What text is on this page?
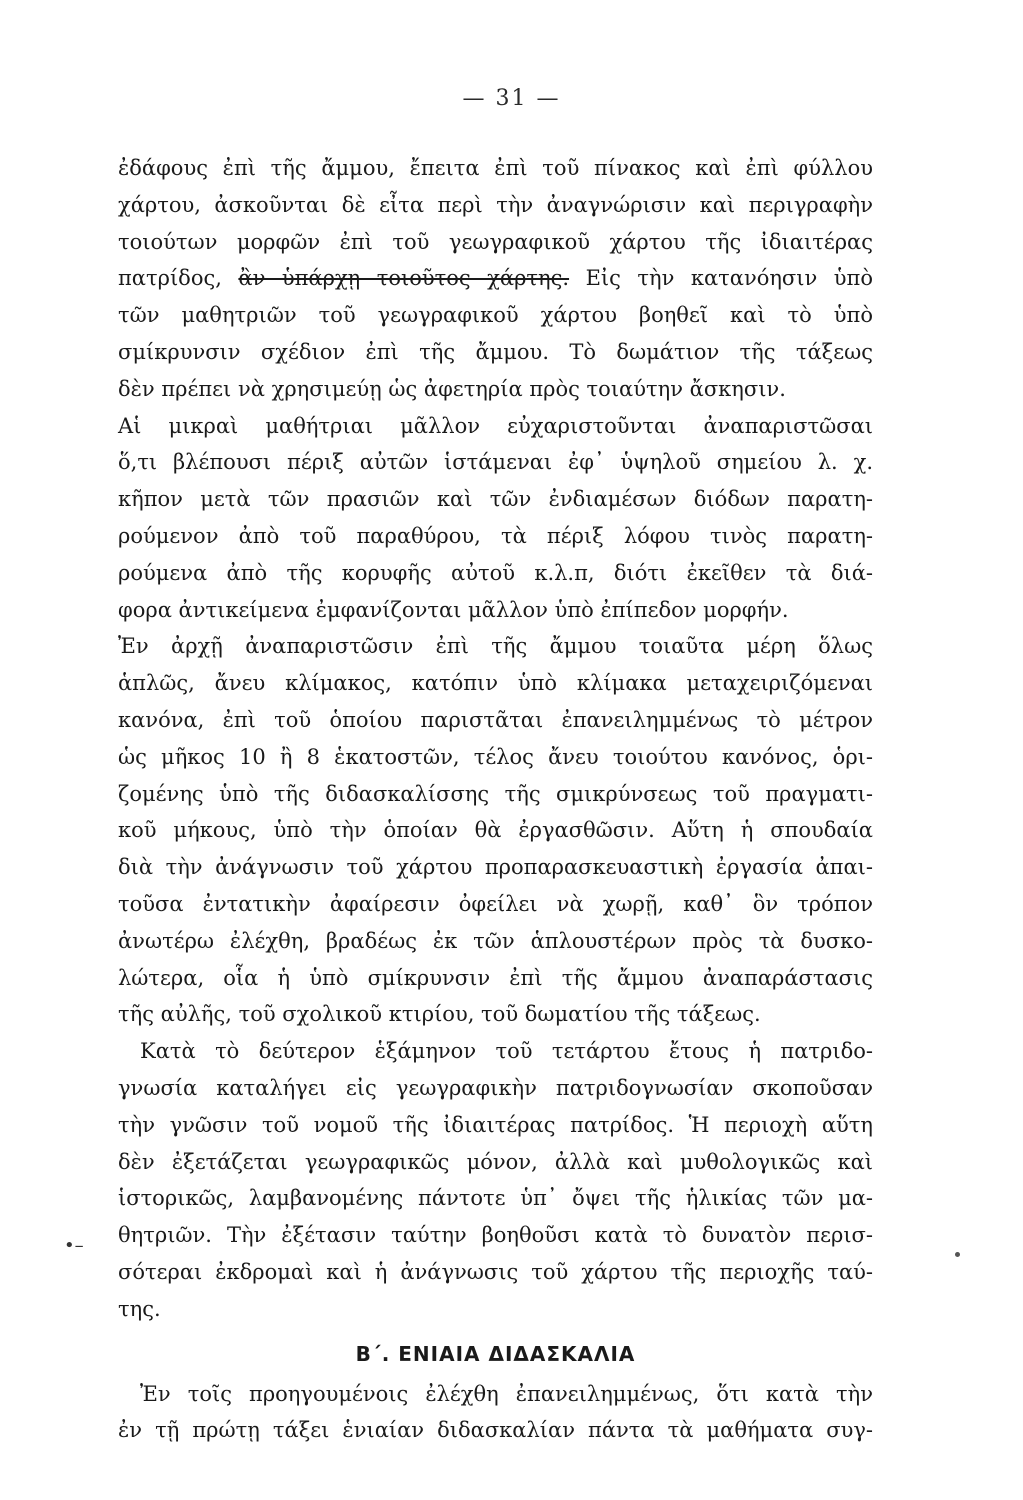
— 31 —
ἐδάφους ἐπὶ τῆς ἄμμου, ἔπειτα ἐπὶ τοῦ πίνακος καὶ ἐπὶ φύλλου
χάρτου, ἀσκοῦνται δὲ εἶτα περὶ τὴν ἀναγνώρισιν καὶ περιγραφὴν
τοιούτων μορφῶν ἐπὶ τοῦ γεωγραφικοῦ χάρτου τῆς ἰδιαιτέρας
πατρίδος, ἂν ὑπάρχῃ τοιοῦτος χάρτης. Εἰς τὴν κατανόησιν ὑπὸ
τῶν μαθητριῶν τοῦ γεωγραφικοῦ χάρτου βοηθεῖ καὶ τὸ ὑπὸ
σμίκρυνσιν σχέδιον ἐπὶ τῆς ἄμμου. Τὸ δωμάτιον τῆς τάξεως
δὲν πρέπει νὰ χρησιμεύῃ ὡς ἀφετηρία πρὸς τοιαύτην ἄσκησιν.
Αἱ μικραὶ μαθήτριαι μᾶλλον εὐχαριστοῦνται ἀναπαριστῶσαι
ὅ,τι βλέπουσι πέριξ αὐτῶν ἱστάμεναι ἐφ᾽ ὑψηλοῦ σημείου λ. χ.
κῆπον μετὰ τῶν πρασιῶν καὶ τῶν ἐνδιαμέσων διόδων παρατη-
ρούμενον ἀπὸ τοῦ παραθύρου, τὰ πέριξ λόφου τινὸς παρατη-
ρούμενα ἀπὸ τῆς κορυφῆς αὐτοῦ κ.λ.π, διότι ἐκεῖθεν τὰ διά-
φορα ἀντικείμενα ἐμφανίζονται μᾶλλον ὑπὸ ἐπίπεδον μορφήν.
Ἐν ἀρχῇ ἀναπαριστῶσιν ἐπὶ τῆς ἄμμου τοιαῦτα μέρη ὅλως
ἁπλῶς, ἄνευ κλίμακος, κατόπιν ὑπὸ κλίμακα μεταχειριζόμεναι
κανόνα, ἐπὶ τοῦ ὁποίου παριστᾶται ἐπανειλημμένως τὸ μέτρον
ὡς μῆκος 10 ἢ 8 ἑκατοστῶν, τέλος ἄνευ τοιούτου κανόνος, ὁρι-
ζομένης ὑπὸ τῆς διδασκαλίσσης τῆς σμικρύνσεως τοῦ πραγματι-
κοῦ μήκους, ὑπὸ τὴν ὁποίαν θὰ ἐργασθῶσιν. Αὕτη ἡ σπουδαία
διὰ τὴν ἀνάγνωσιν τοῦ χάρτου προπαρασκευαστικὴ ἐργασία ἀπαι-
τοῦσα ἐντατικὴν ἀφαίρεσιν ὀφείλει νὰ χωρῇ, καθ᾽ ὃν τρόπον
ἀνωτέρω ἐλέχθη, βραδέως ἐκ τῶν ἁπλουστέρων πρὸς τὰ δυσκο-
λώτερα, οἷα ἡ ὑπὸ σμίκρυνσιν ἐπὶ τῆς ἄμμου ἀναπαράστασις
τῆς αὐλῆς, τοῦ σχολικοῦ κτιρίου, τοῦ δωματίου τῆς τάξεως.
Κατὰ τὸ δεύτερον ἑξάμηνον τοῦ τετάρτου ἔτους ἡ πατριδο-
γνωσία καταλήγει εἰς γεωγραφικὴν πατριδογνωσίαν σκοποῦσαν
τὴν γνῶσιν τοῦ νομοῦ τῆς ἰδιαιτέρας πατρίδος. Ἡ περιοχὴ αὕτη
δὲν ἐξετάζεται γεωγραφικῶς μόνον, ἀλλὰ καὶ μυθολογικῶς καὶ
ἱστορικῶς, λαμβανομένης πάντοτε ὑπ᾽ ὄψει τῆς ἡλικίας τῶν μα-
θητριῶν. Τὴν ἐξέτασιν ταύτην βοηθοῦσι κατὰ τὸ δυνατὸν περισ-
σότεραι ἐκδρομαὶ καὶ ἡ ἀνάγνωσις τοῦ χάρτου τῆς περιοχῆς ταύ-
της.
Β΄. ΕΝΙΑΙΑ ΔΙΔΑΣΚΑΛΙΑ
Ἐν τοῖς προηγουμένοις ἐλέχθη ἐπανειλημμένως, ὅτι κατὰ τὴν
ἐν τῇ πρώτῃ τάξει ἑνιαίαν διδασκαλίαν πάντα τὰ μαθήματα συγ-
•–
